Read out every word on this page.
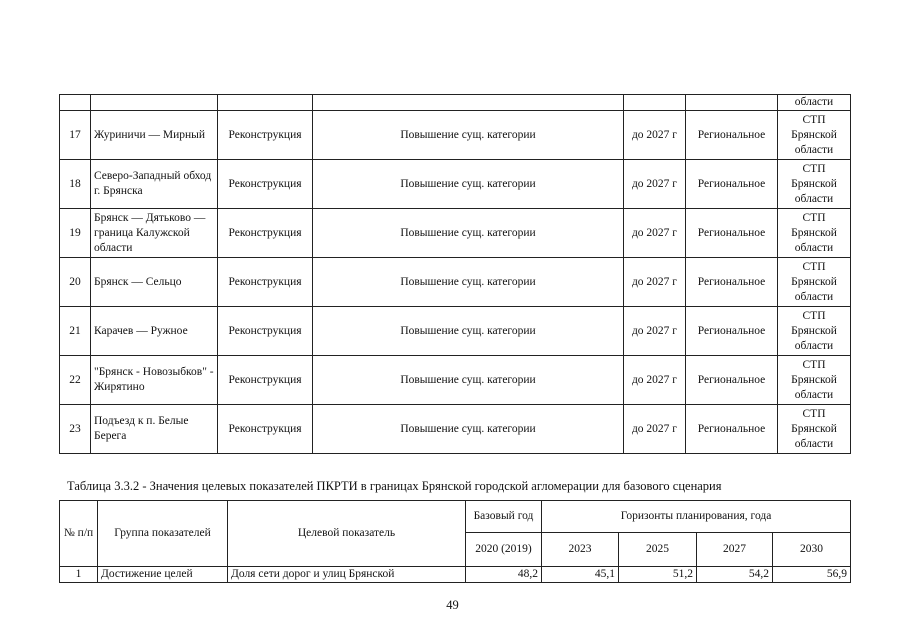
						области
17	Журиничи — Мирный	Реконструкция	Повышение сущ. категории	до 2027 г	Региональное	СТП Брянской области
18	Северо-Западный обход г. Брянска	Реконструкция	Повышение сущ. категории	до 2027 г	Региональное	СТП Брянской области
19	Брянск — Дятьково — граница Калужской области	Реконструкция	Повышение сущ. категории	до 2027 г	Региональное	СТП Брянской области
20	Брянск — Сельцо	Реконструкция	Повышение сущ. категории	до 2027 г	Региональное	СТП Брянской области
21	Карачев — Ружное	Реконструкция	Повышение сущ. категории	до 2027 г	Региональное	СТП Брянской области
22	"Брянск - Новозыбков" - Жирятино	Реконструкция	Повышение сущ. категории	до 2027 г	Региональное	СТП Брянской области
23	Подъезд к п. Белые Берега	Реконструкция	Повышение сущ. категории	до 2027 г	Региональное	СТП Брянской области
Таблица 3.3.2 - Значения целевых показателей ПКРТИ в границах Брянской городской агломерации для базового сценария
№ п/п	Группа показателей	Целевой показатель	Базовый год	Горизонты планирования, года			
			2020 (2019)	2023	2025	2027	2030
1	Достижение целей	Доля сети дорог и улиц Брянской	48,2	45,1	51,2	54,2	56,9
49
